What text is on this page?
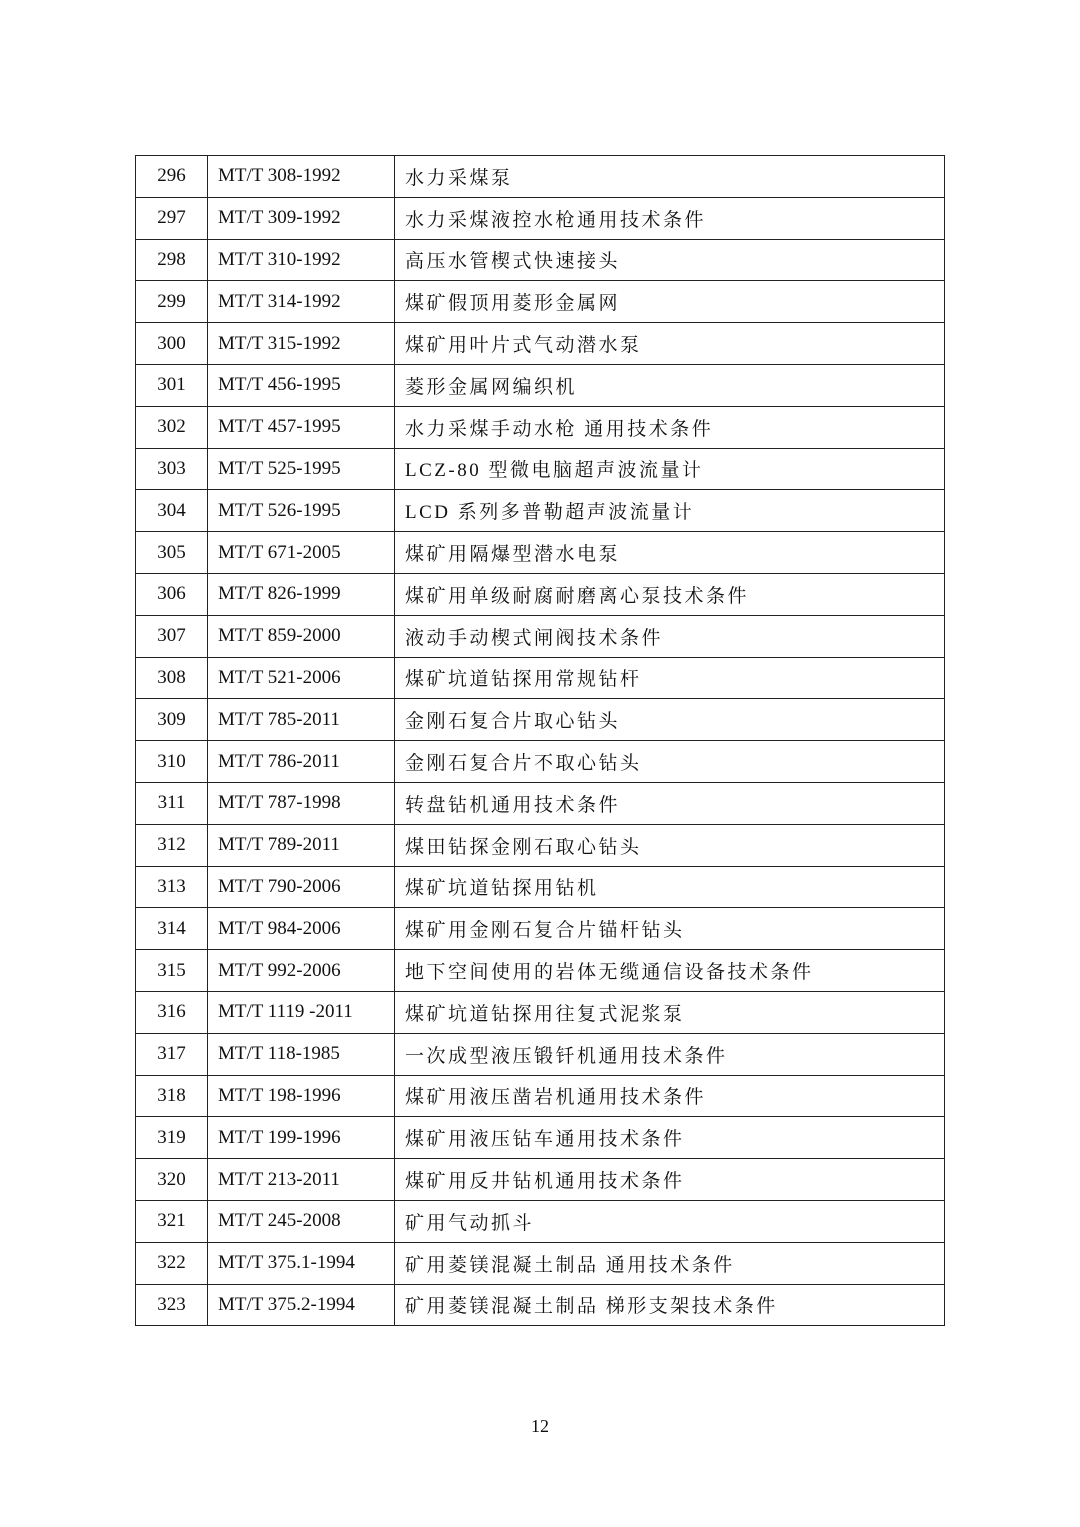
296	MT/T 308-1992	水力采煤泵
297	MT/T 309-1992	水力采煤液控水枪通用技术条件
298	MT/T 310-1992	高压水管楔式快速接头
299	MT/T 314-1992	煤矿假顶用菱形金属网
300	MT/T 315-1992	煤矿用叶片式气动潜水泵
301	MT/T 456-1995	菱形金属网编织机
302	MT/T 457-1995	水力采煤手动水枪 通用技术条件
303	MT/T 525-1995	LCZ-80 型微电脑超声波流量计
304	MT/T 526-1995	LCD 系列多普勒超声波流量计
305	MT/T 671-2005	煤矿用隔爆型潜水电泵
306	MT/T 826-1999	煤矿用单级耐腐耐磨离心泵技术条件
307	MT/T 859-2000	液动手动楔式闸阀技术条件
308	MT/T 521-2006	煤矿坑道钻探用常规钻杆
309	MT/T 785-2011	金刚石复合片取心钻头
310	MT/T 786-2011	金刚石复合片不取心钻头
311	MT/T 787-1998	转盘钻机通用技术条件
312	MT/T 789-2011	煤田钻探金刚石取心钻头
313	MT/T 790-2006	煤矿坑道钻探用钻机
314	MT/T 984-2006	煤矿用金刚石复合片锚杆钻头
315	MT/T 992-2006	地下空间使用的岩体无缆通信设备技术条件
316	MT/T 1119 -2011	煤矿坑道钻探用往复式泥浆泵
317	MT/T 118-1985	一次成型液压锻钎机通用技术条件
318	MT/T 198-1996	煤矿用液压凿岩机通用技术条件
319	MT/T 199-1996	煤矿用液压钻车通用技术条件
320	MT/T 213-2011	煤矿用反井钻机通用技术条件
321	MT/T 245-2008	矿用气动抓斗
322	MT/T 375.1-1994	矿用菱镁混凝土制品 通用技术条件
323	MT/T 375.2-1994	矿用菱镁混凝土制品 梯形支架技术条件
12
